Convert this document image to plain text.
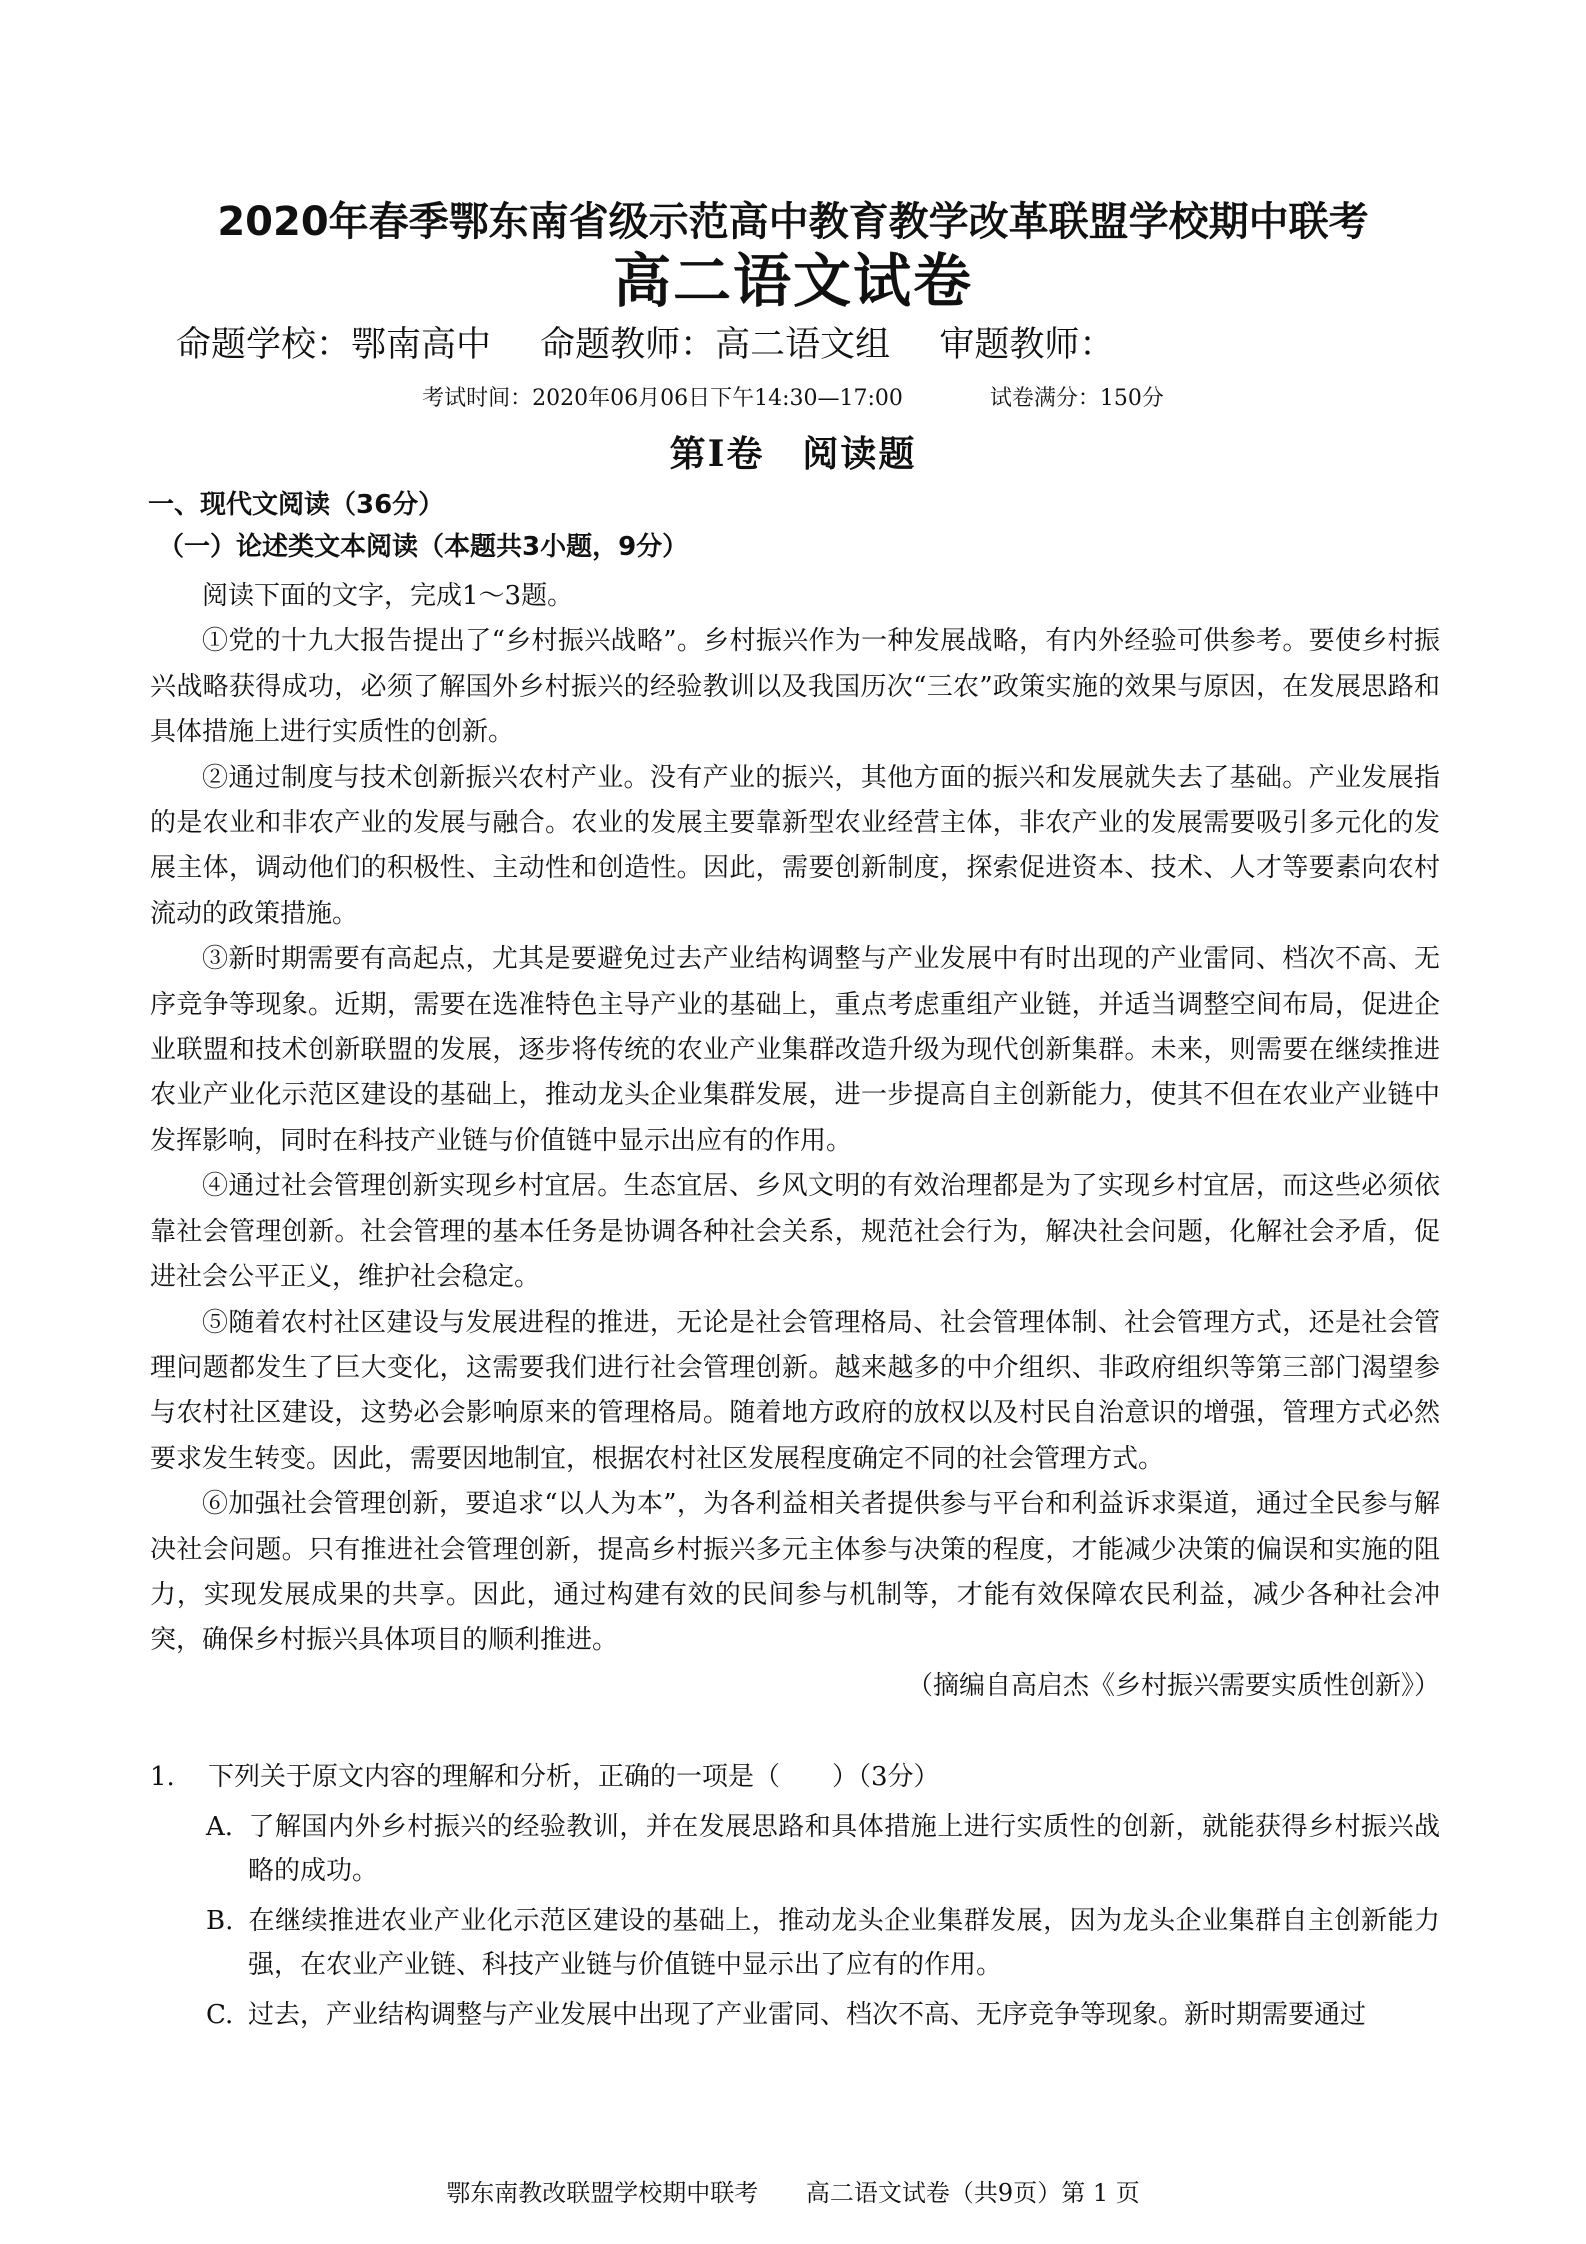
2020年春季鄂东南省级示范高中教育教学改革联盟学校期中联考
高二语文试卷
命题学校：鄂南高中 命题教师：高二语文组 审题教师：
考试时间：2020年06月06日下午14:30—17:00	试卷满分：150分
第Ⅰ卷　阅读题
一、现代文阅读（36分）
（一）论述类文本阅读（本题共3小题，9分）

阅读下面的文字，完成1～3题。

①党的十九大报告提出了“乡村振兴战略”。乡村振兴作为一种发展战略，有内外经验可供参考。要使乡村振兴战略获得成功，必须了解国外乡村振兴的经验教训以及我国历次“三农”政策实施的效果与原因，在发展思路和具体措施上进行实质性的创新。

②通过制度与技术创新振兴农村产业。没有产业的振兴，其他方面的振兴和发展就失去了基础。产业发展指的是农业和非农产业的发展与融合。农业的发展主要靠新型农业经营主体，非农产业的发展需要吸引多元化的发展主体，调动他们的积极性、主动性和创造性。因此，需要创新制度，探索促进资本、技术、人才等要素向农村流动的政策措施。

③新时期需要有高起点，尤其是要避免过去产业结构调整与产业发展中有时出现的产业雷同、档次不高、无序竞争等现象。近期，需要在选准特色主导产业的基础上，重点考虑重组产业链，并适当调整空间布局，促进企业联盟和技术创新联盟的发展，逐步将传统的农业产业集群改造升级为现代创新集群。未来，则需要在继续推进农业产业化示范区建设的基础上，推动龙头企业集群发展，进一步提高自主创新能力，使其不但在农业产业链中发挥影响，同时在科技产业链与价值链中显示出应有的作用。

④通过社会管理创新实现乡村宜居。生态宜居、乡风文明的有效治理都是为了实现乡村宜居，而这些必须依靠社会管理创新。社会管理的基本任务是协调各种社会关系，规范社会行为，解决社会问题，化解社会矛盾，促进社会公平正义，维护社会稳定。

⑤随着农村社区建设与发展进程的推进，无论是社会管理格局、社会管理体制、社会管理方式，还是社会管理问题都发生了巨大变化，这需要我们进行社会管理创新。越来越多的中介组织、非政府组织等第三部门渴望参与农村社区建设，这势必会影响原来的管理格局。随着地方政府的放权以及村民自治意识的增强，管理方式必然要求发生转变。因此，需要因地制宜，根据农村社区发展程度确定不同的社会管理方式。

⑥加强社会管理创新，要追求“以人为本”，为各利益相关者提供参与平台和利益诉求渠道，通过全民参与解决社会问题。只有推进社会管理创新，提高乡村振兴多元主体参与决策的程度，才能减少决策的偏误和实施的阻力，实现发展成果的共享。因此，通过构建有效的民间参与机制等，才能有效保障农民利益，减少各种社会冲突，确保乡村振兴具体项目的顺利推进。

（摘编自高启杰《乡村振兴需要实质性创新》）

1. 下列关于原文内容的理解和分析，正确的一项是（　　）（3分）

A. 了解国内外乡村振兴的经验教训，并在发展思路和具体措施上进行实质性的创新，就能获得乡村振兴战略的成功。

B. 在继续推进农业产业化示范区建设的基础上，推动龙头企业集群发展，因为龙头企业集群自主创新能力强，在农业产业链、科技产业链与价值链中显示出了应有的作用。

C. 过去，产业结构调整与产业发展中出现了产业雷同、档次不高、无序竞争等现象。新时期需要通过

鄂东南教改联盟学校期中联考 高二语文试卷（共9页）第 1 页
